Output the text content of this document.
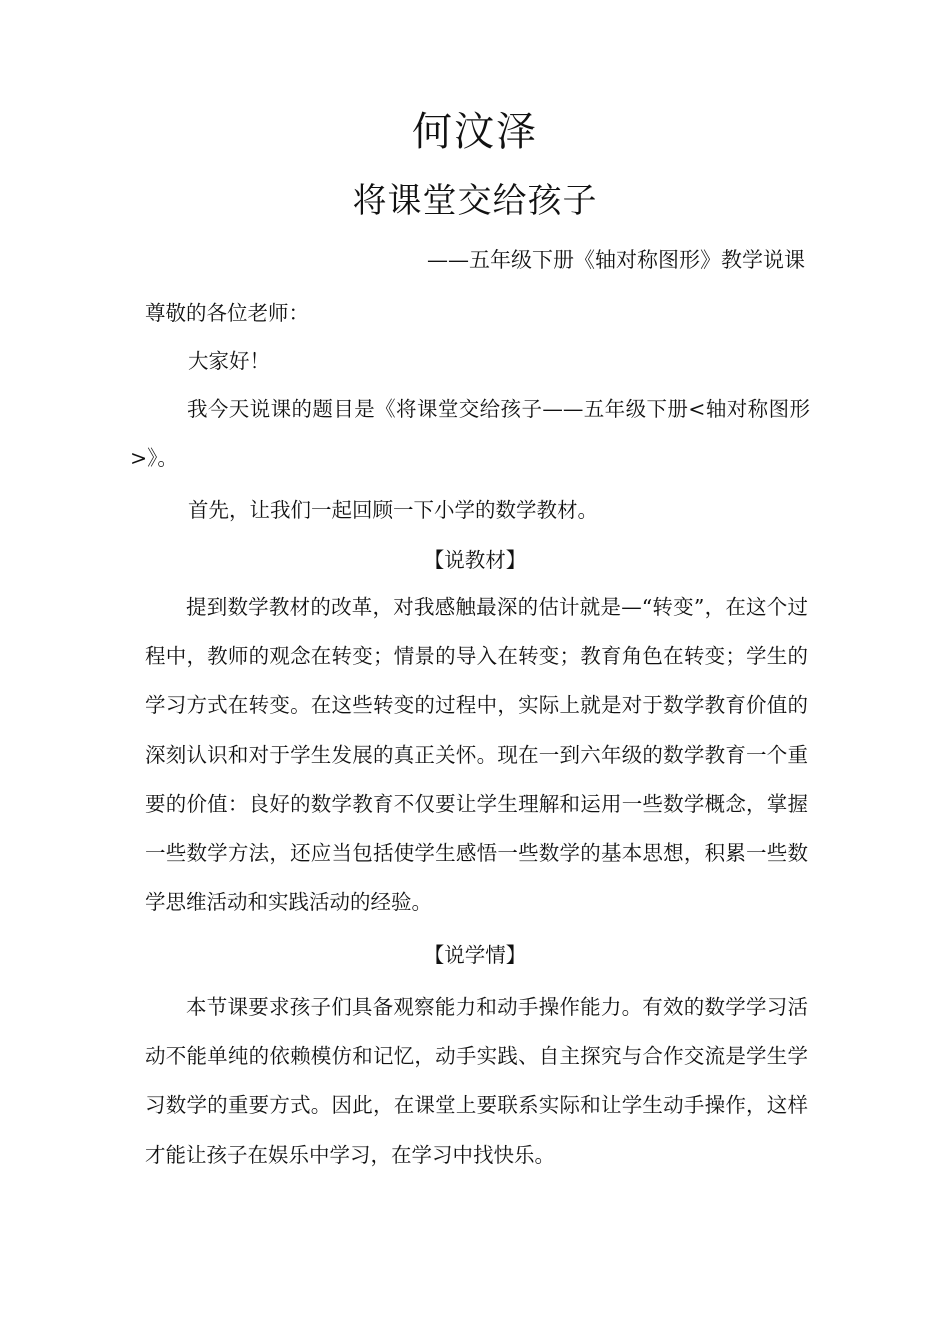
何汶泽
将课堂交给孩子
——五年级下册《轴对称图形》教学说课
尊敬的各位老师：
大家好！

我今天说课的题目是《将课堂交给孩子——五年级下册<轴对称图形>》。

首先，让我们一起回顾一下小学的数学教材。
【说教材】

提到数学教材的改革，对我感触最深的估计就是—“转变”，在这个过程中，教师的观念在转变；情景的导入在转变；教育角色在转变；学生的学习方式在转变。在这些转变的过程中，实际上就是对于数学教育价值的深刻认识和对于学生发展的真正关怀。现在一到六年级的数学教育一个重要的价值：良好的数学教育不仅要让学生理解和运用一些数学概念，掌握一些数学方法，还应当包括使学生感悟一些数学的基本思想，积累一些数学思维活动和实践活动的经验。

【说学情】

本节课要求孩子们具备观察能力和动手操作能力。有效的数学学习活动不能单纯的依赖模仿和记忆，动手实践、自主探究与合作交流是学生学习数学的重要方式。因此，在课堂上要联系实际和让学生动手操作，这样才能让孩子在娱乐中学习，在学习中找快乐。
